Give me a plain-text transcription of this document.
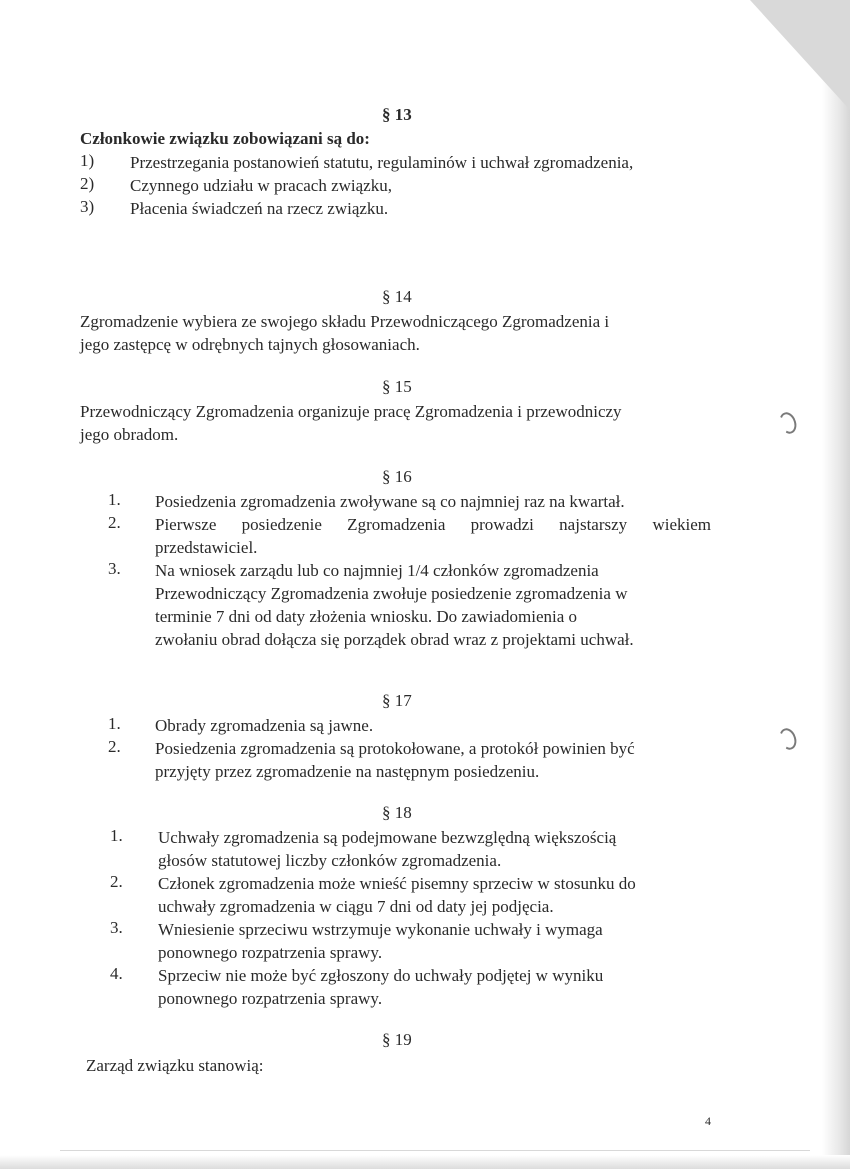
§ 13
Członkowie związku zobowiązani są do:
1) Przestrzegania postanowień statutu, regulaminów i uchwał zgromadzenia,
2) Czynnego udziału w pracach związku,
3) Płacenia świadczeń na rzecz związku.
§ 14
Zgromadzenie wybiera ze swojego składu Przewodniczącego Zgromadzenia i
jego zastępcę w odrębnych tajnych głosowaniach.
§ 15
Przewodniczący Zgromadzenia organizuje pracę Zgromadzenia i przewodniczy
jego obradom.
§ 16
1. Posiedzenia zgromadzenia zwoływane są co najmniej raz na kwartał.
2. Pierwsze posiedzenie Zgromadzenia prowadzi najstarszy wiekiem
przedstawiciel.
3. Na wniosek zarządu lub co najmniej 1/4 członków zgromadzenia
Przewodniczący Zgromadzenia zwołuje posiedzenie zgromadzenia w
terminie 7 dni od daty złożenia wniosku. Do zawiadomienia o
zwołaniu obrad dołącza się porządek obrad wraz z projektami uchwał.
§ 17
1. Obrady zgromadzenia są jawne.
2. Posiedzenia zgromadzenia są protokołowane, a protokół powinien być
przyjęty przez zgromadzenie na następnym posiedzeniu.
§ 18
1. Uchwały zgromadzenia są podejmowane bezwzględną większością
głosów statutowej liczby członków zgromadzenia.
2. Członek zgromadzenia może wnieść pisemny sprzeciw w stosunku do
uchwały zgromadzenia w ciągu 7 dni od daty jej podjęcia.
3. Wniesienie sprzeciwu wstrzymuje wykonanie uchwały i wymaga
ponownego rozpatrzenia sprawy.
4. Sprzeciw nie może być zgłoszony do uchwały podjętej w wyniku
ponownego rozpatrzenia sprawy.
§ 19
Zarząd związku stanowią:
4
